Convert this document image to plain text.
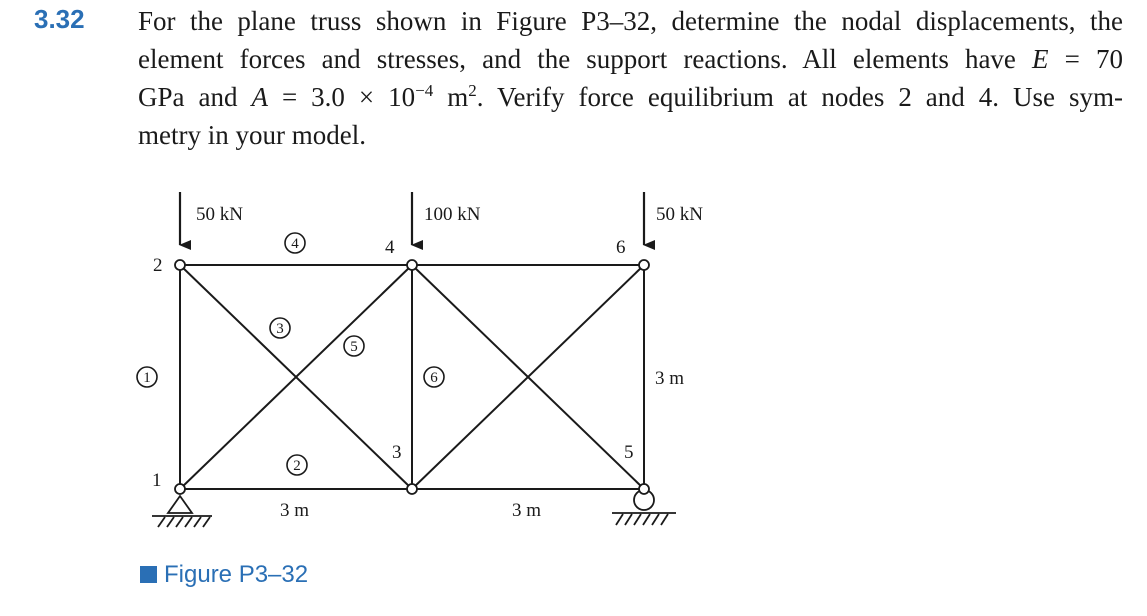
3.32 For the plane truss shown in Figure P3–32, determine the nodal displacements, the
element forces and stresses, and the support reactions. All elements have E = 70
GPa and $A = 3.0 \times 10^{-4}$ $m^2$. Verify force equilibrium at nodes 2 and 4. Use sym-
metry in your model.
50 kN	100 kN	50 kN
1
2
3
4
5
6
1
2
3
4
5
6
3 m	3 m
3 m
Figure P3–32
